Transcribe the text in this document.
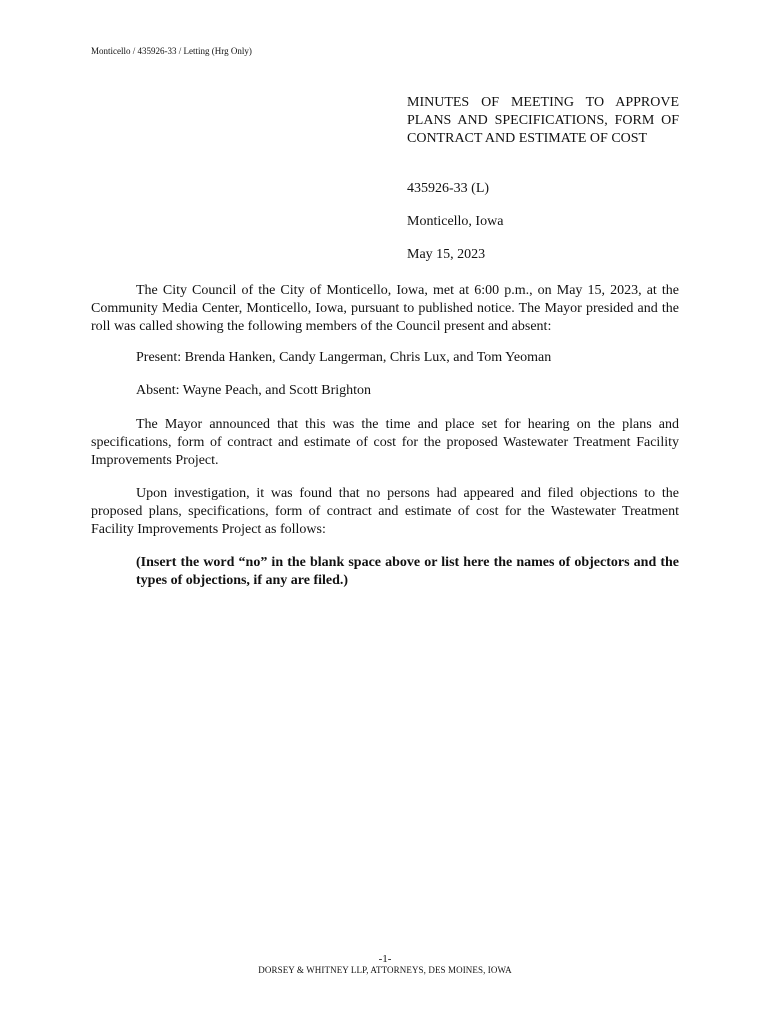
Monticello / 435926-33 / Letting (Hrg Only)

MINUTES OF MEETING TO APPROVE PLANS AND SPECIFICATIONS, FORM OF CONTRACT AND ESTIMATE OF COST

435926-33 (L)
Monticello, Iowa
May 15, 2023

The City Council of the City of Monticello, Iowa, met at 6:00 p.m., on May 15, 2023, at the Community Media Center, Monticello, Iowa, pursuant to published notice. The Mayor presided and the roll was called showing the following members of the Council present and absent:

Present: Brenda Hanken, Candy Langerman, Chris Lux, and Tom Yeoman
Absent: Wayne Peach, and Scott Brighton

The Mayor announced that this was the time and place set for hearing on the plans and specifications, form of contract and estimate of cost for the proposed Wastewater Treatment Facility Improvements Project.

Upon investigation, it was found that no persons had appeared and filed objections to the proposed plans, specifications, form of contract and estimate of cost for the Wastewater Treatment Facility Improvements Project as follows:

(Insert the word “no” in the blank space above or list here the names of objectors and the types of objections, if any are filed.)

-1-
DORSEY & WHITNEY LLP, ATTORNEYS, DES MOINES, IOWA
